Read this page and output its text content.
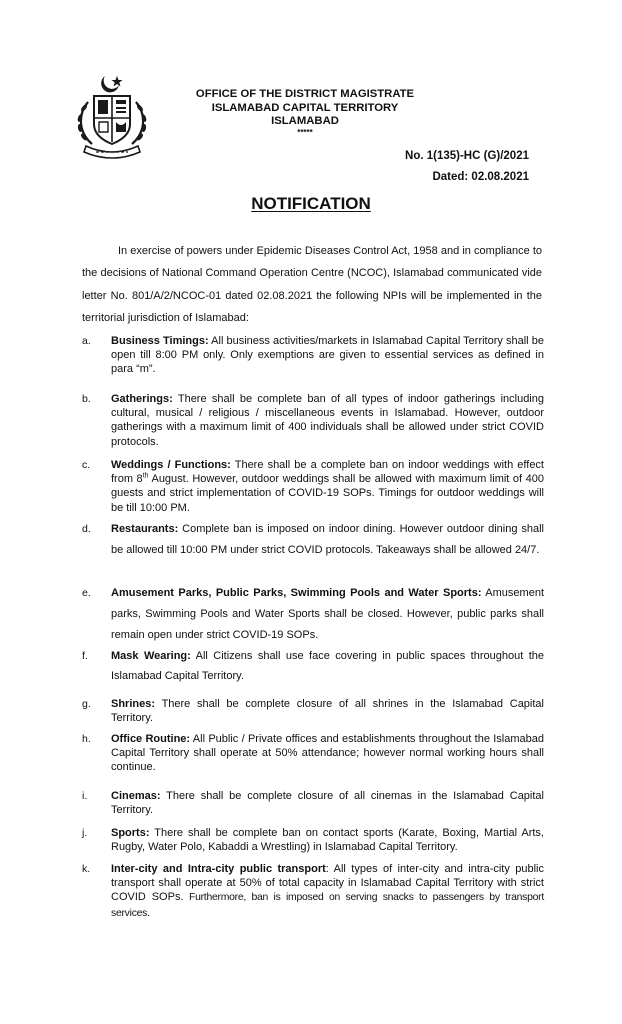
OFFICE OF THE DISTRICT MAGISTRATE
ISLAMABAD CAPITAL TERRITORY
ISLAMABAD
*****
No. 1(135)-HC (G)/2021
Dated: 02.08.2021
NOTIFICATION
In exercise of powers under Epidemic Diseases Control Act, 1958 and in compliance to the decisions of National Command Operation Centre (NCOC), Islamabad communicated vide letter No. 801/A/2/NCOC-01 dated 02.08.2021 the following NPIs will be implemented in the territorial jurisdiction of Islamabad:
a.	Business Timings: All business activities/markets in Islamabad Capital Territory shall be open till 8:00 PM only. Only exemptions are given to essential services as defined in para “m”.
b.	Gatherings: There shall be complete ban of all types of indoor gatherings including cultural, musical / religious / miscellaneous events in Islamabad. However, outdoor gatherings with a maximum limit of 400 individuals shall be allowed under strict COVID protocols.
c.	Weddings / Functions: There shall be a complete ban on indoor weddings with effect from 8th August. However, outdoor weddings shall be allowed with maximum limit of 400 guests and strict implementation of COVID-19 SOPs. Timings for outdoor weddings will be till 10:00 PM.
d.	Restaurants: Complete ban is imposed on indoor dining. However outdoor dining shall be allowed till 10:00 PM under strict COVID protocols. Takeaways shall be allowed 24/7.
e.	Amusement Parks, Public Parks, Swimming Pools and Water Sports: Amusement parks, Swimming Pools and Water Sports shall be closed. However, public parks shall remain open under strict COVID-19 SOPs.
f.	Mask Wearing: All Citizens shall use face covering in public spaces throughout the Islamabad Capital Territory.
g.	Shrines: There shall be complete closure of all shrines in the Islamabad Capital Territory.
h.	Office Routine: All Public / Private offices and establishments throughout the Islamabad Capital Territory shall operate at 50% attendance; however normal working hours shall continue.
i.	Cinemas: There shall be complete closure of all cinemas in the Islamabad Capital Territory.
j.	Sports: There shall be complete ban on contact sports (Karate, Boxing, Martial Arts, Rugby, Water Polo, Kabaddi a Wrestling) in Islamabad Capital Territory.
k.	Inter-city and Intra-city public transport: All types of inter-city and intra-city public transport shall operate at 50% of total capacity in Islamabad Capital Territory with strict COVID SOPs. Furthermore, ban is imposed on serving snacks to passengers by transport services.
